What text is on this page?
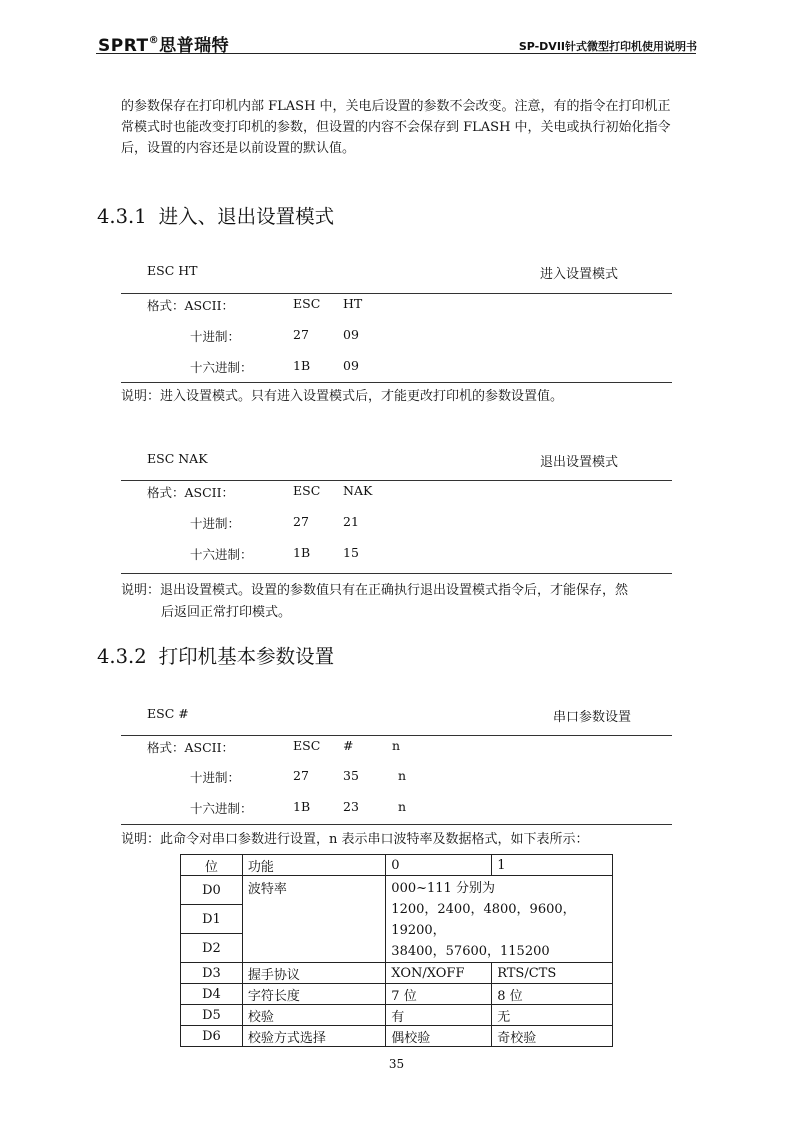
SPRT®思普瑞特	SP-DVII针式微型打印机使用说明书
的参数保存在打印机内部 FLASH 中，关电后设置的参数不会改变。注意，有的指令在打印机正常模式时也能改变打印机的参数，但设置的内容不会保存到 FLASH 中，关电或执行初始化指令后，设置的内容还是以前设置的默认值。
4.3.1 进入、退出设置模式
ESC HT	进入设置模式
格式：ASCII：	ESC HT
十进制：	27	09
十六进制：	1B	09
说明：进入设置模式。只有进入设置模式后，才能更改打印机的参数设置值。
ESC NAK	退出设置模式
格式：ASCII：	ESC NAK
十进制：	27	21
十六进制：	1B	15
说明：退出设置模式。设置的参数值只有在正确执行退出设置模式指令后，才能保存，然
后返回正常打印模式。
4.3.2 打印机基本参数设置
ESC #	串口参数设置
格式：ASCII：	ESC #	n
十进制：	27	35	n
十六进制：	1B	23	n
说明：此命令对串口参数进行设置，n 表示串口波特率及数据格式，如下表所示：
位	功能	0	1
D0	波特率	000~111 分别为
1200，2400，4800，9600，19200，
38400，57600，115200	

D1			
D2			
D3	握手协议	XON/XOFF	RTS/CTS
D4	字符长度	7 位	8 位
D5	校验	有	无
D6	校验方式选择	偶校验	奇校验
35
